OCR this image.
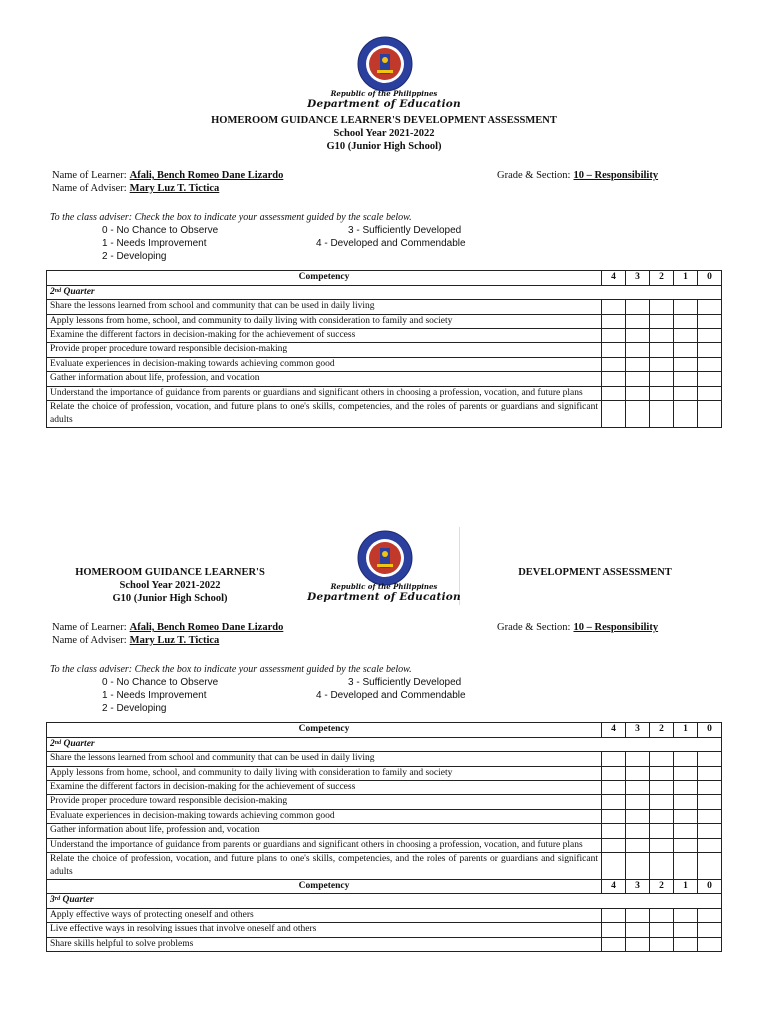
Republic of the Philippines
Department of Education
HOMEROOM GUIDANCE LEARNER'S DEVELOPMENT ASSESSMENT
School Year 2021-2022
G10 (Junior High School)
Name of Learner: Afali, Bench Romeo Dane Lizardo	Grade & Section: 10 – Responsibility
Name of Adviser: Mary Luz T. Tictica
To the class adviser: Check the box to indicate your assessment guided by the scale below.
0 - No Chance to Observe	3 - Sufficiently Developed
1 - Needs Improvement	4 - Developed and Commendable
2 - Developing
Competency	4	3	2	1	0
2nd Quarter					
Share the lessons learned from school and community that can be used in daily living					
Apply lessons from home, school, and community to daily living with consideration to family and society					
Examine the different factors in decision-making for the achievement of success					
Provide proper procedure toward responsible decision-making					
Evaluate experiences in decision-making towards achieving common good					
Gather information about life, profession, and vocation					
Understand the importance of guidance from parents or guardians and significant others in choosing a profession, vocation, and future plans					
Relate the choice of profession, vocation, and future plans to one's skills, competencies, and the roles of parents or guardians and significant adults					
Republic of the Philippines
Department of Education
HOMEROOM GUIDANCE LEARNER'S
School Year 2021-2022
G10 (Junior High School)
DEVELOPMENT ASSESSMENT
Name of Learner: Afali, Bench Romeo Dane Lizardo	Grade & Section: 10 – Responsibility
Name of Adviser: Mary Luz T. Tictica
To the class adviser: Check the box to indicate your assessment guided by the scale below.
0 - No Chance to Observe	3 - Sufficiently Developed
1 - Needs Improvement	4 - Developed and Commendable
2 - Developing
Competency	4	3	2	1	0
2nd Quarter					
Share the lessons learned from school and community that can be used in daily living					
Apply lessons from home, school, and community to daily living with consideration to family and society					
Examine the different factors in decision-making for the achievement of success					
Provide proper procedure toward responsible decision-making					
Evaluate experiences in decision-making towards achieving common good					
Gather information about life, profession and, vocation					
Understand the importance of guidance from parents or guardians and significant others in choosing a profession, vocation, and future plans					
Relate the choice of profession, vocation, and future plans to one's skills, competencies, and the roles of parents or guardians and significant adults					
Competency	4	3	2	1	0
3rd Quarter					
Apply effective ways of protecting oneself and others					
Live effective ways in resolving issues that involve oneself and others					
Share skills helpful to solve problems					
